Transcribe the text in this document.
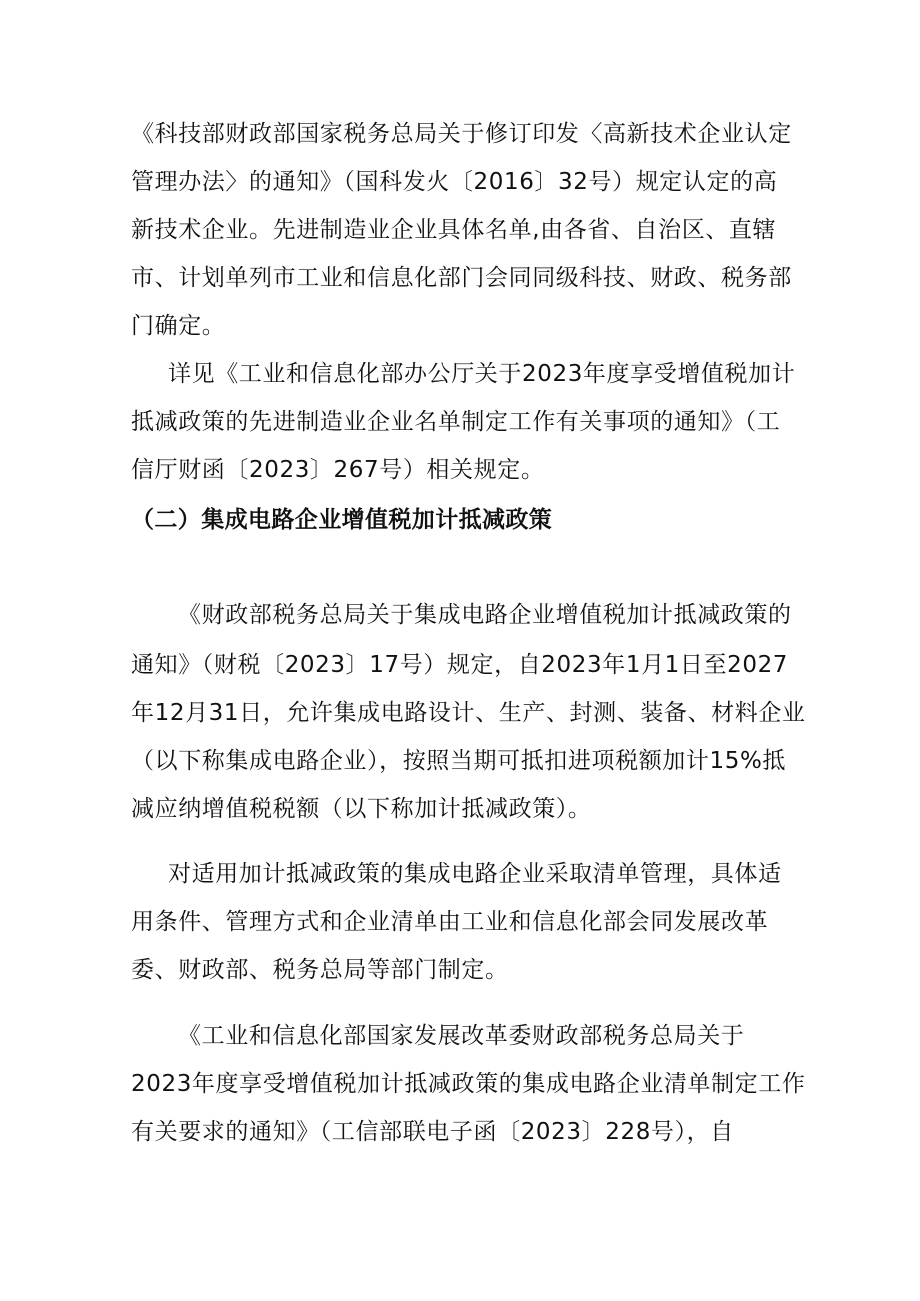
《科技部财政部国家税务总局关于修订印发〈高新技术企业认定
管理办法〉的通知》（国科发火〔2016〕32号）规定认定的高
新技术企业。先进制造业企业具体名单,由各省、自治区、直辖
市、计划单列市工业和信息化部门会同同级科技、财政、税务部
门确定。
详见《工业和信息化部办公厅关于2023年度享受增值税加计
抵减政策的先进制造业企业名单制定工作有关事项的通知》（工
信厅财函〔2023〕267号）相关规定。
（二）集成电路企业增值税加计抵减政策
《财政部税务总局关于集成电路企业增值税加计抵减政策的
通知》（财税〔2023〕17号）规定，自2023年1月1日至2027
年12月31日，允许集成电路设计、生产、封测、装备、材料企业
（以下称集成电路企业），按照当期可抵扣进项税额加计15%抵
减应纳增值税税额（以下称加计抵减政策）。
对适用加计抵减政策的集成电路企业采取清单管理，具体适
用条件、管理方式和企业清单由工业和信息化部会同发展改革
委、财政部、税务总局等部门制定。
《工业和信息化部国家发展改革委财政部税务总局关于
2023年度享受增值税加计抵减政策的集成电路企业清单制定工作
有关要求的通知》（工信部联电子函〔2023〕228号），自
